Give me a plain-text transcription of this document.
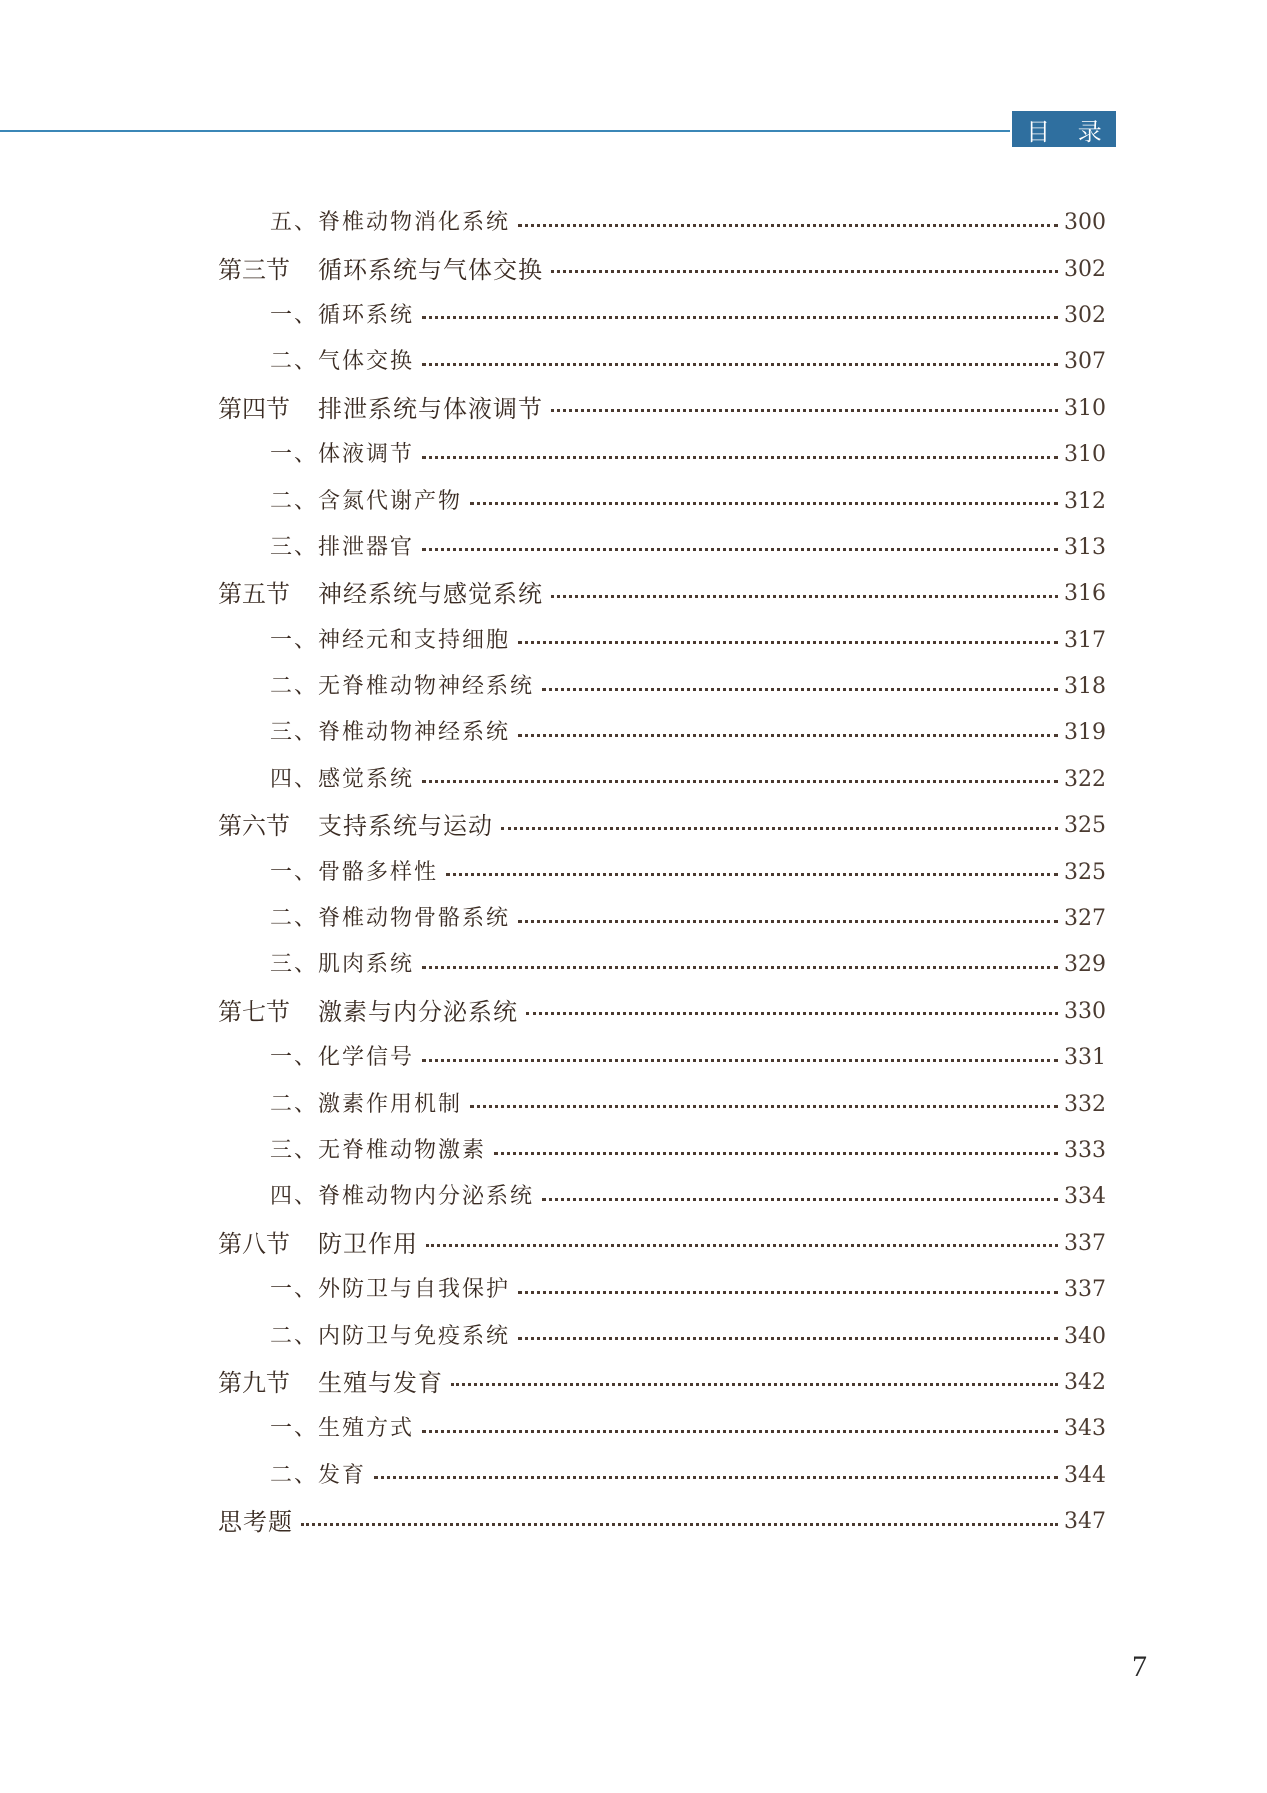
目 录
五、脊椎动物消化系统	300
第三节	循环系统与气体交换	302
一、循环系统	302
二、气体交换	307
第四节	排泄系统与体液调节	310
一、体液调节	310
二、含氮代谢产物	312
三、排泄器官	313
第五节	神经系统与感觉系统	316
一、神经元和支持细胞	317
二、无脊椎动物神经系统	318
三、脊椎动物神经系统	319
四、感觉系统	322
第六节	支持系统与运动	325
一、骨骼多样性	325
二、脊椎动物骨骼系统	327
三、肌肉系统	329
第七节	激素与内分泌系统	330
一、化学信号	331
二、激素作用机制	332
三、无脊椎动物激素	333
四、脊椎动物内分泌系统	334
第八节	防卫作用	337
一、外防卫与自我保护	337
二、内防卫与免疫系统	340
第九节	生殖与发育	342
一、生殖方式	343
二、发育	344
思考题	347
7
